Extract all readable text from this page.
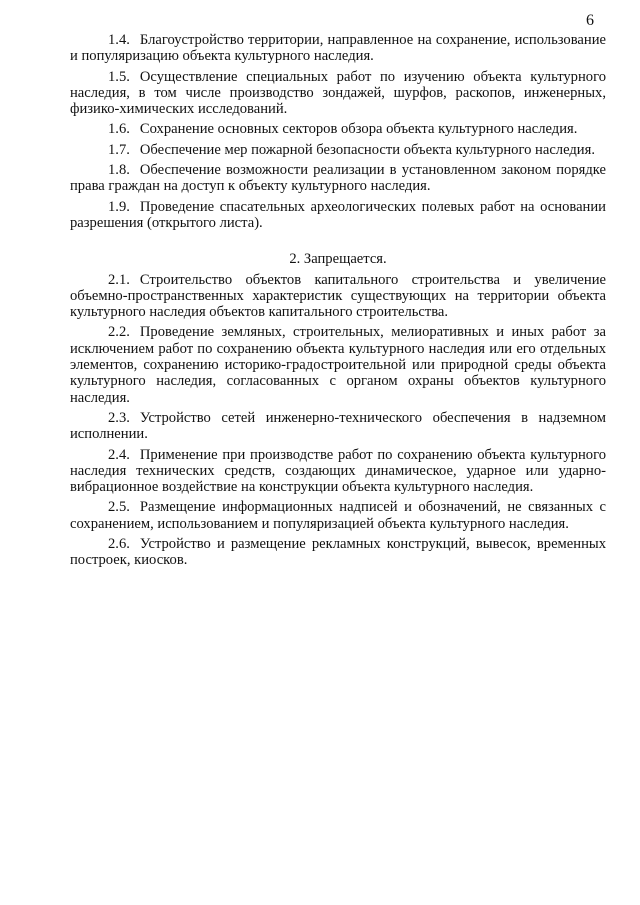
6

1.4. Благоустройство территории, направленное на сохранение, использование и популяризацию объекта культурного наследия.

1.5. Осуществление специальных работ по изучению объекта культурного наследия, в том числе производство зондажей, шурфов, раскопов, инженерных, физико-химических исследований.

1.6. Сохранение основных секторов обзора объекта культурного наследия.

1.7. Обеспечение мер пожарной безопасности объекта культурного наследия.

1.8. Обеспечение возможности реализации в установленном законом порядке права граждан на доступ к объекту культурного наследия.

1.9. Проведение спасательных археологических полевых работ на основании разрешения (открытого листа).

2. Запрещается.

2.1. Строительство объектов капитального строительства и увеличение объемно-пространственных характеристик существующих на территории объекта культурного наследия объектов капитального строительства.

2.2. Проведение земляных, строительных, мелиоративных и иных работ за исключением работ по сохранению объекта культурного наследия или его отдельных элементов, сохранению историко-градостроительной или природной среды объекта культурного наследия, согласованных с органом охраны объектов культурного наследия.

2.3. Устройство сетей инженерно-технического обеспечения в надземном исполнении.

2.4. Применение при производстве работ по сохранению объекта культурного наследия технических средств, создающих динамическое, ударное или ударно-вибрационное воздействие на конструкции объекта культурного наследия.

2.5. Размещение информационных надписей и обозначений, не связанных с сохранением, использованием и популяризацией объекта культурного наследия.

2.6. Устройство и размещение рекламных конструкций, вывесок, временных построек, киосков.
